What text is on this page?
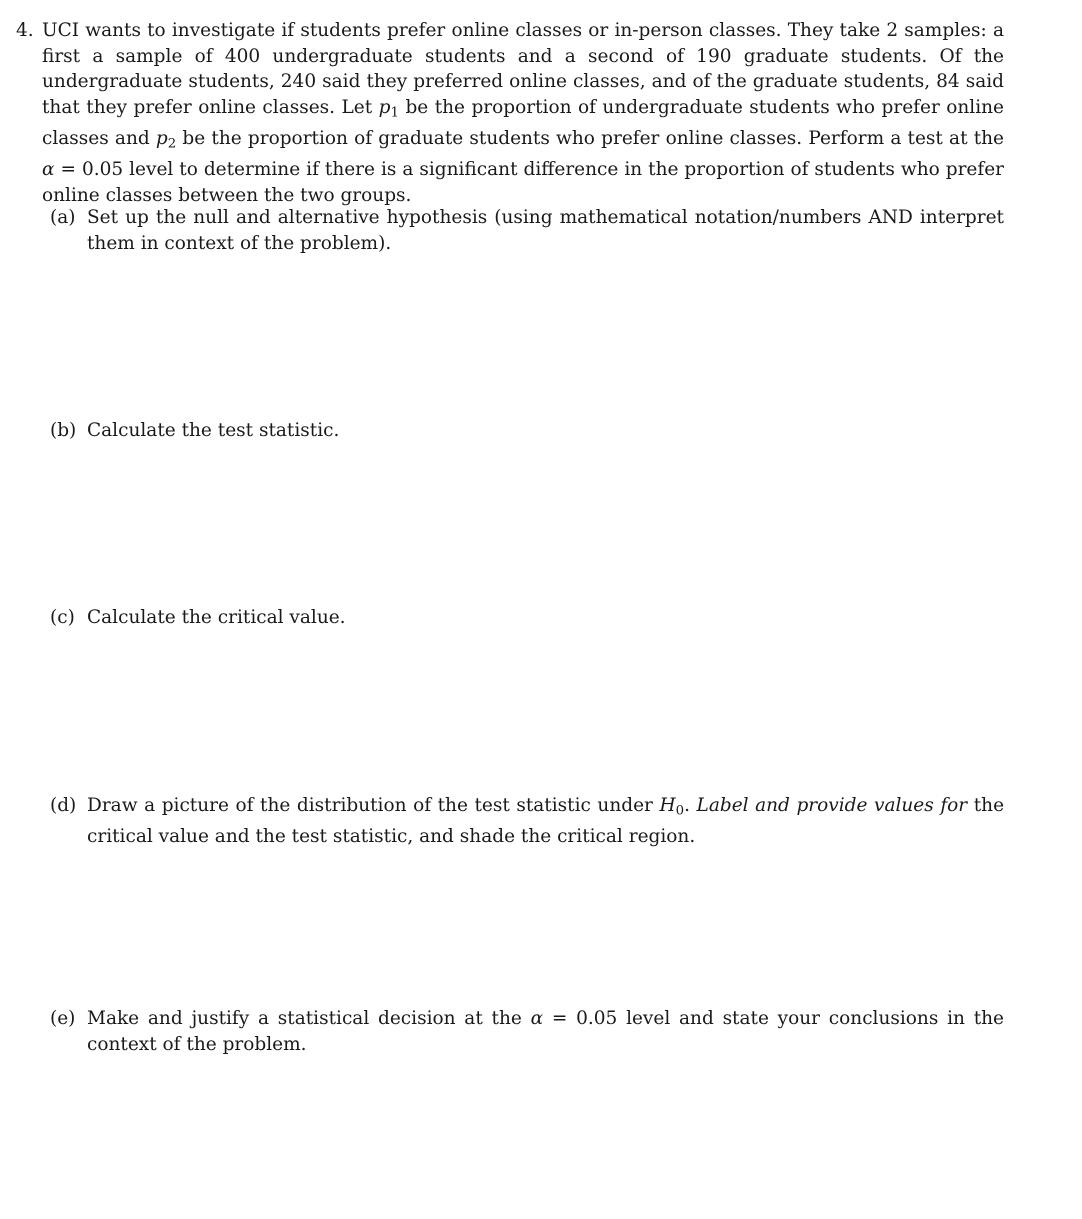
4. UCI wants to investigate if students prefer online classes or in-person classes. They take 2 samples: a first a sample of 400 undergraduate students and a second of 190 graduate students. Of the undergraduate students, 240 said they preferred online classes, and of the graduate students, 84 said that they prefer online classes. Let $p_1$ be the proportion of undergraduate students who prefer online classes and $p_2$ be the proportion of graduate students who prefer online classes. Perform a test at the α = 0.05 level to determine if there is a significant difference in the proportion of students who prefer online classes between the two groups.
(a) Set up the null and alternative hypothesis (using mathematical notation/numbers AND interpret them in context of the problem).
(b) Calculate the test statistic.
(c) Calculate the critical value.
(d) Draw a picture of the distribution of the test statistic under $H_0$. Label and provide values for the critical value and the test statistic, and shade the critical region.
(e) Make and justify a statistical decision at the α = 0.05 level and state your conclusions in the context of the problem.
